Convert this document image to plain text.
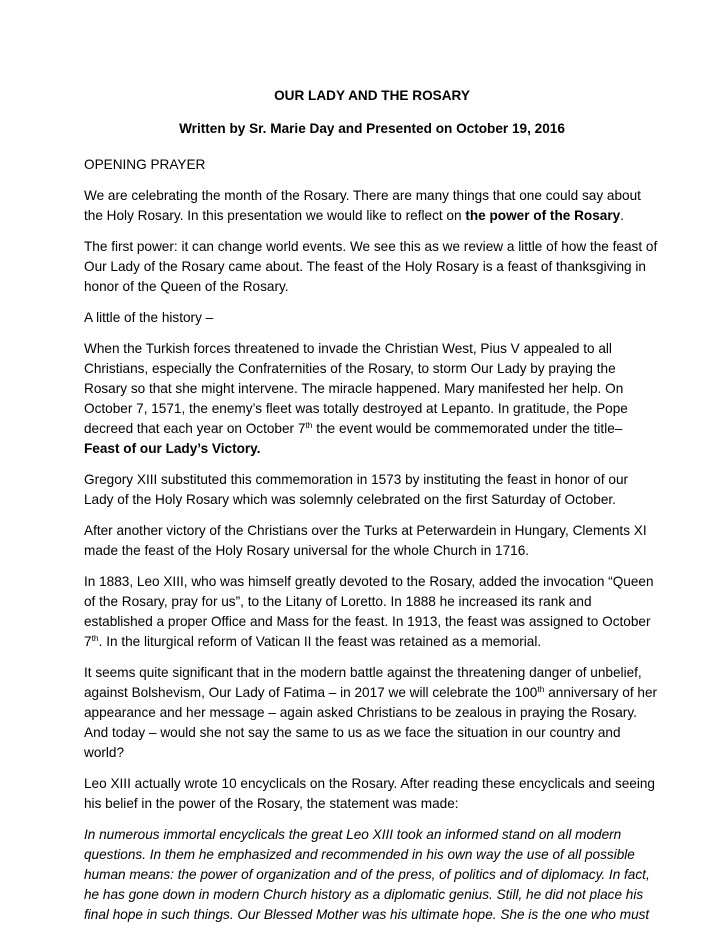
OUR LADY AND THE ROSARY

Written by Sr. Marie Day and Presented on October 19, 2016

OPENING PRAYER

We are celebrating the month of the Rosary. There are many things that one could say about the Holy Rosary. In this presentation we would like to reflect on the power of the Rosary.

The first power: it can change world events. We see this as we review a little of how the feast of Our Lady of the Rosary came about. The feast of the Holy Rosary is a feast of thanksgiving in honor of the Queen of the Rosary.

A little of the history –

When the Turkish forces threatened to invade the Christian West, Pius V appealed to all Christians, especially the Confraternities of the Rosary, to storm Our Lady by praying the Rosary so that she might intervene. The miracle happened. Mary manifested her help. On October 7, 1571, the enemy’s fleet was totally destroyed at Lepanto. In gratitude, the Pope decreed that each year on October 7th the event would be commemorated under the title– Feast of our Lady’s Victory.

Gregory XIII substituted this commemoration in 1573 by instituting the feast in honor of our Lady of the Holy Rosary which was solemnly celebrated on the first Saturday of October.

After another victory of the Christians over the Turks at Peterwardein in Hungary, Clements XI made the feast of the Holy Rosary universal for the whole Church in 1716.

In 1883, Leo XIII, who was himself greatly devoted to the Rosary, added the invocation “Queen of the Rosary, pray for us”, to the Litany of Loretto. In 1888 he increased its rank and established a proper Office and Mass for the feast. In 1913, the feast was assigned to October 7th. In the liturgical reform of Vatican II the feast was retained as a memorial.

It seems quite significant that in the modern battle against the threatening danger of unbelief, against Bolshevism, Our Lady of Fatima – in 2017 we will celebrate the 100th anniversary of her appearance and her message – again asked Christians to be zealous in praying the Rosary. And today – would she not say the same to us as we face the situation in our country and world?

Leo XIII actually wrote 10 encyclicals on the Rosary. After reading these encyclicals and seeing his belief in the power of the Rosary, the statement was made:

In numerous immortal encyclicals the great Leo XIII took an informed stand on all modern questions. In them he emphasized and recommended in his own way the use of all possible human means: the power of organization and of the press, of politics and of diplomacy. In fact, he has gone down in modern Church history as a diplomatic genius. Still, he did not place his final hope in such things. Our Blessed Mother was his ultimate hope. She is the one who must
